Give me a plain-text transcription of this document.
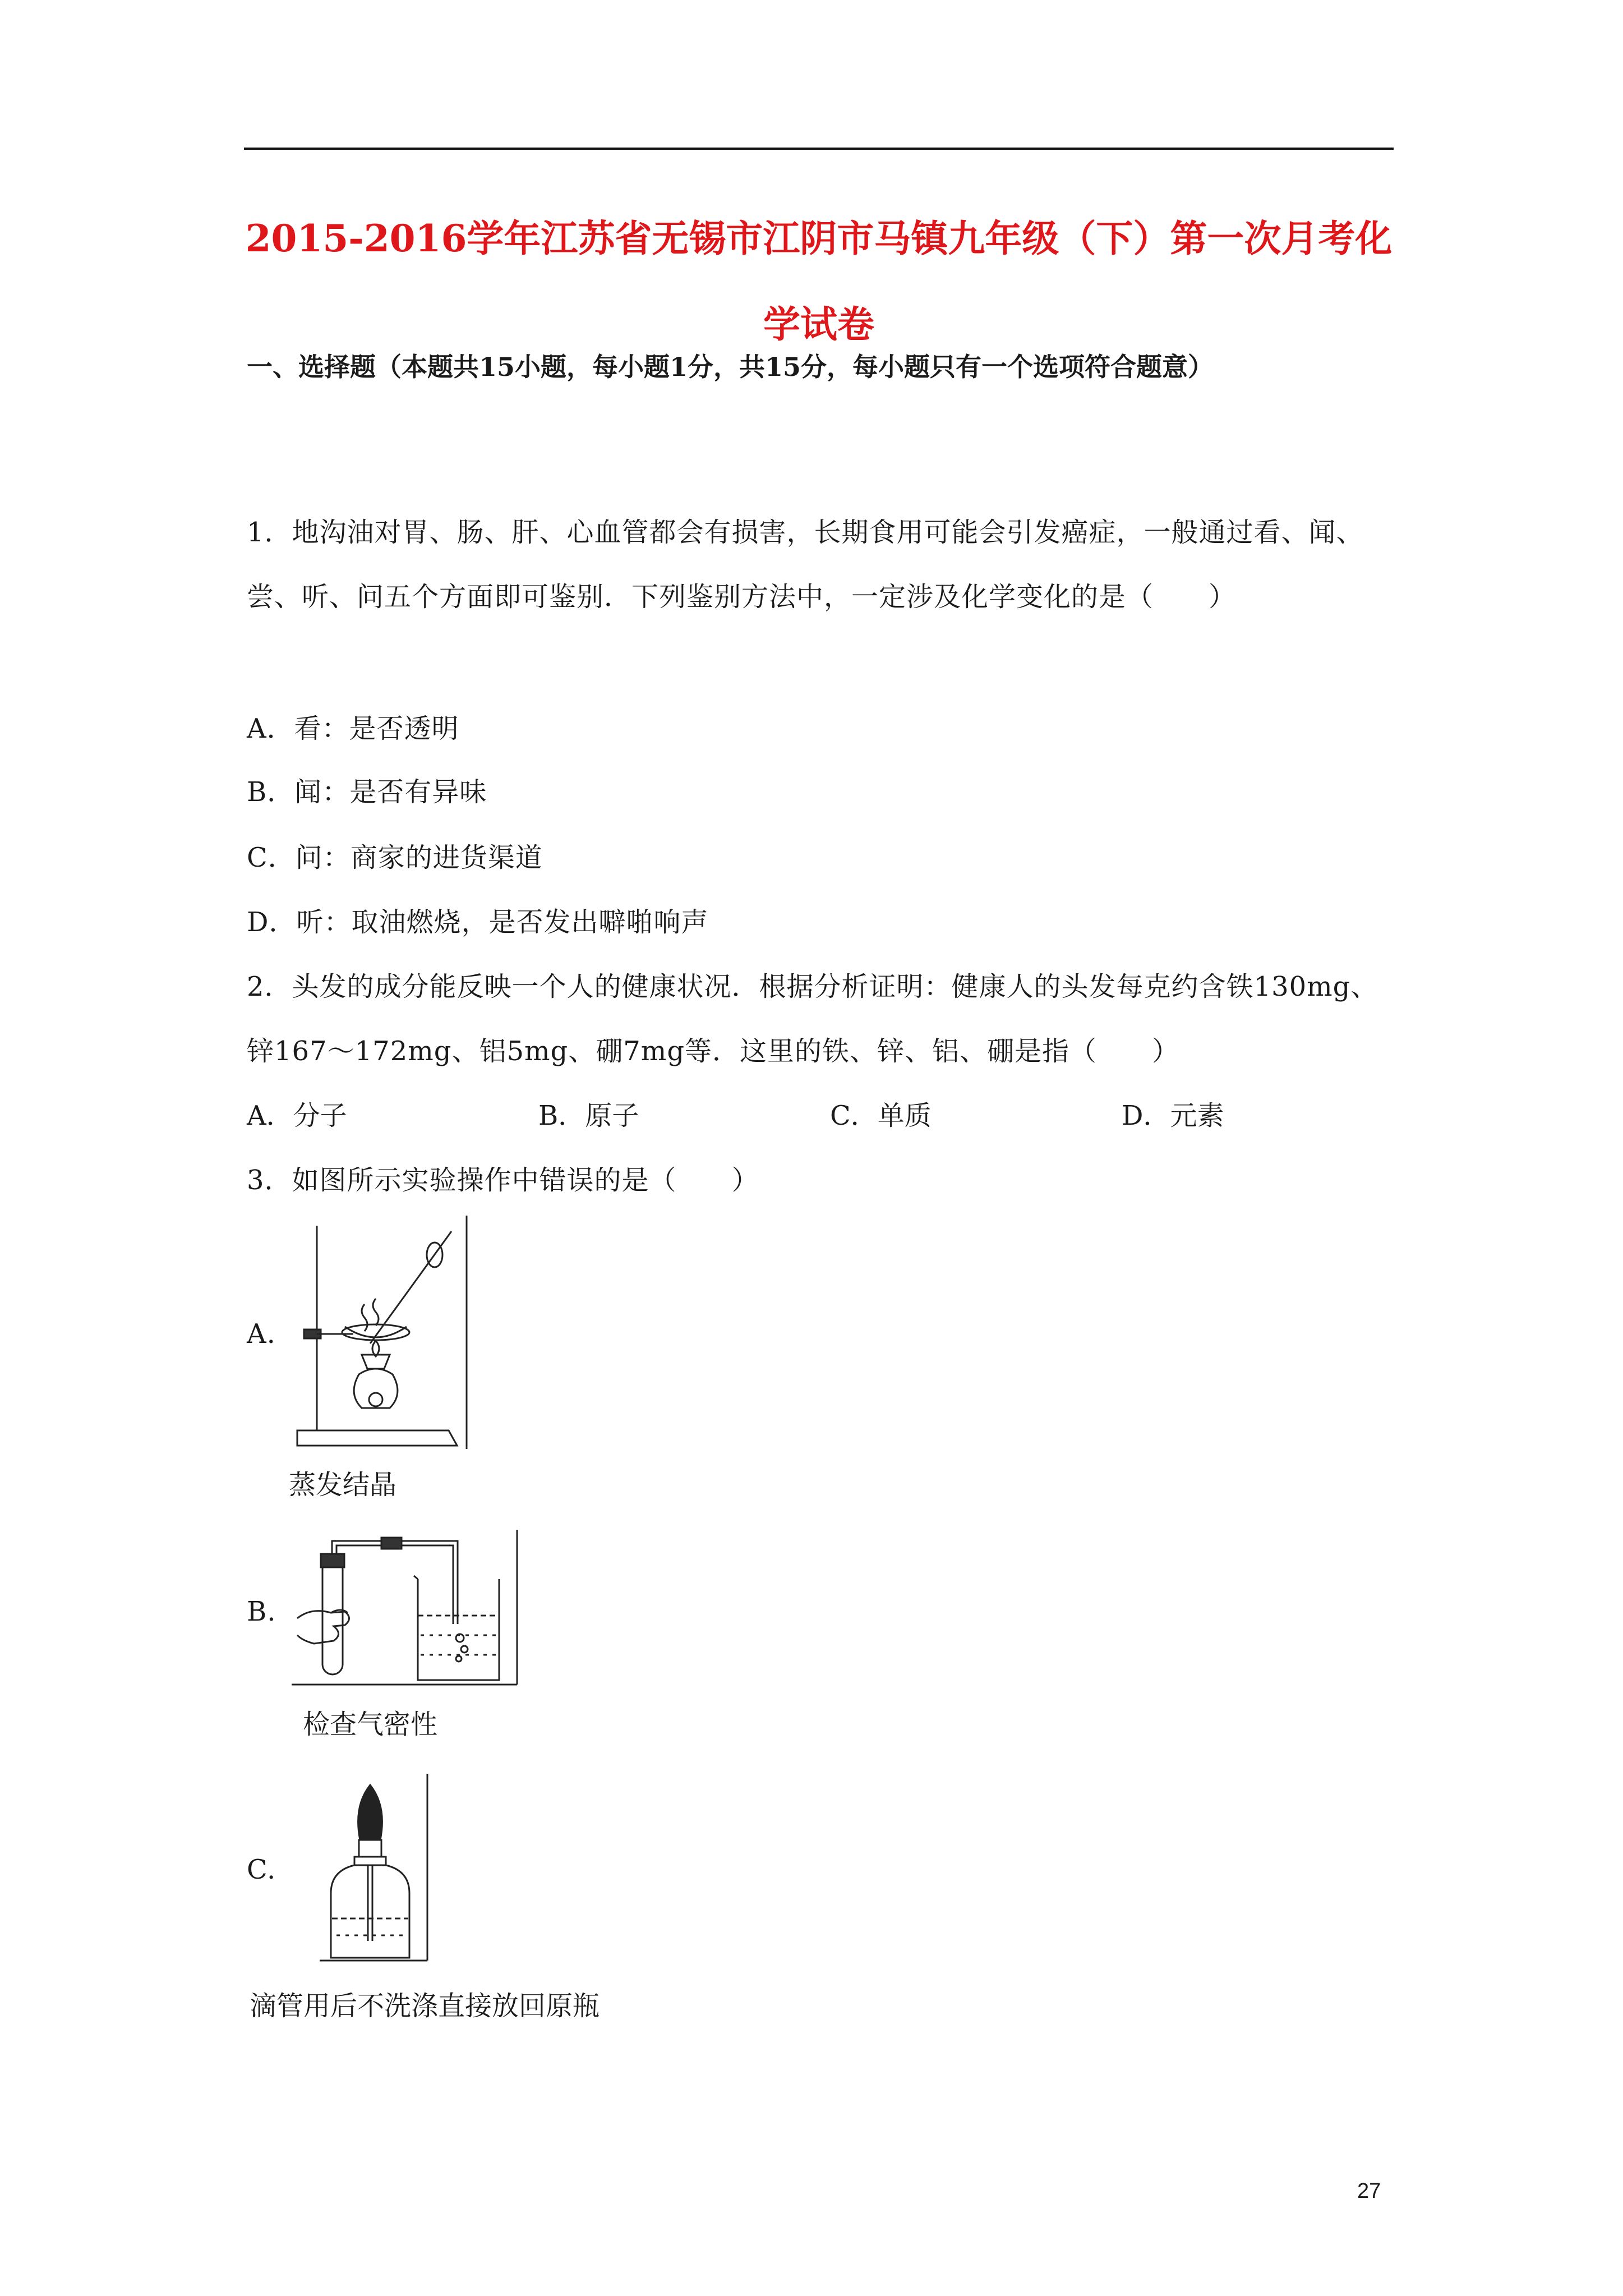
2015-2016学年江苏省无锡市江阴市马镇九年级（下）第一次月考化
学试卷
一、选择题（本题共15小题，每小题1分，共15分，每小题只有一个选项符合题意）
1．地沟油对胃、肠、肝、心血管都会有损害，长期食用可能会引发癌症，一般通过看、闻、
尝、听、问五个方面即可鉴别．下列鉴别方法中，一定涉及化学变化的是（　　）
A．看：是否透明
B．闻：是否有异味
C．问：商家的进货渠道
D．听：取油燃烧，是否发出噼啪响声
2．头发的成分能反映一个人的健康状况．根据分析证明：健康人的头发每克约含铁130mg、
锌167～172mg、铝5mg、硼7mg等．这里的铁、锌、铝、硼是指（　　）
A．分子	B．原子	C．单质	D．元素
3．如图所示实验操作中错误的是（　　）
A.
蒸发结晶
B.
检查气密性
C.
滴管用后不洗涤直接放回原瓶
27
